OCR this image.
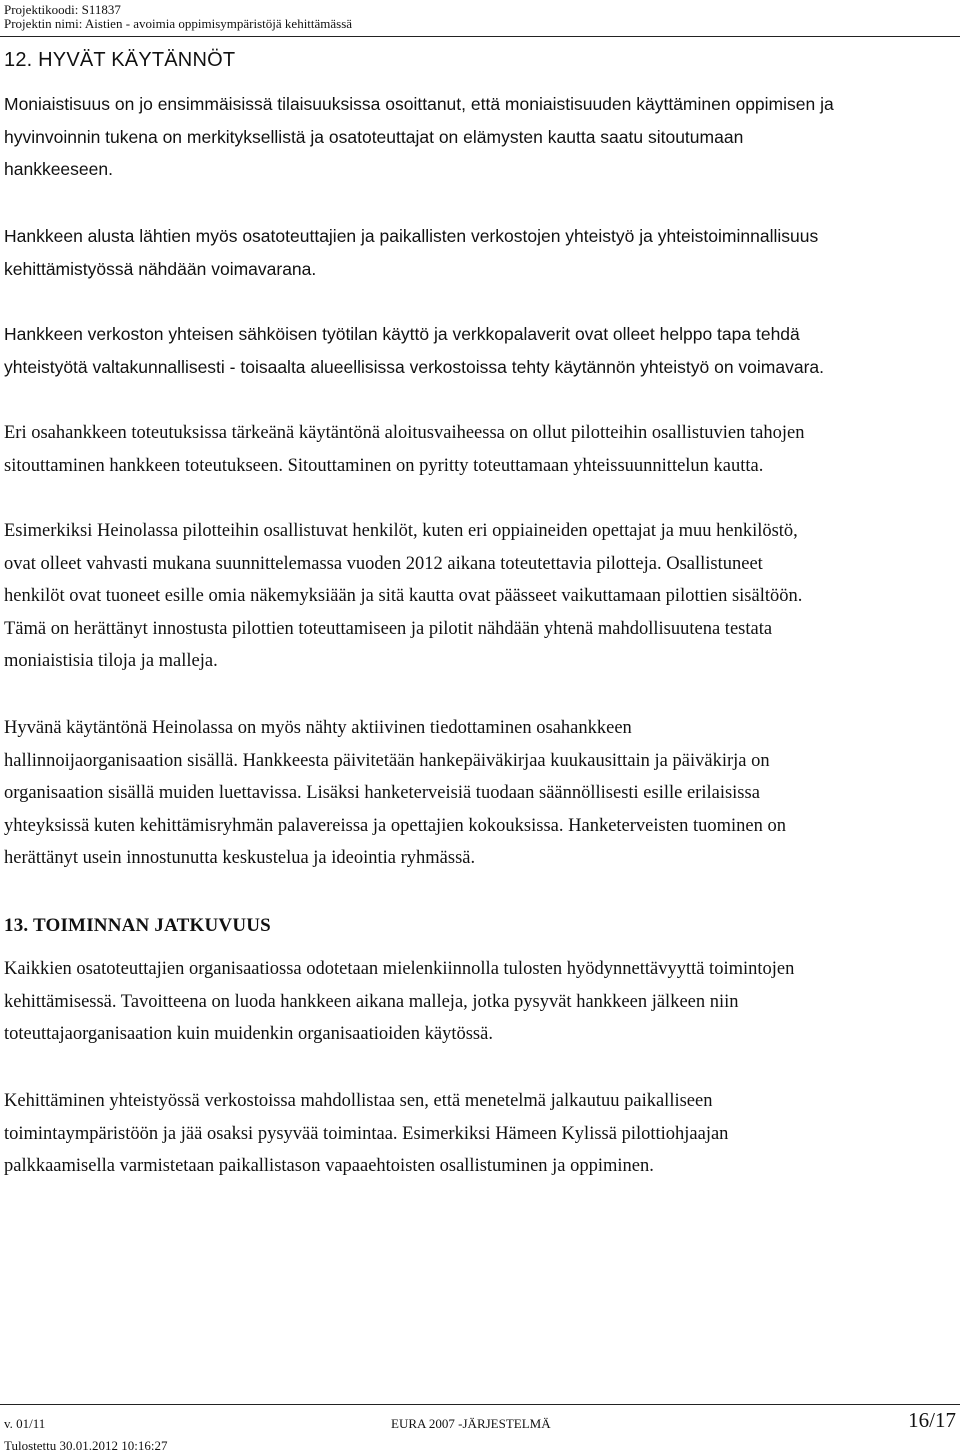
Projektikoodi: S11837
Projektin nimi: Aistien - avoimia oppimisympäristöjä kehittämässä
12. HYVÄT KÄYTÄNNÖT

Moniaistisuus on jo ensimmäisissä tilaisuuksissa osoittanut, että moniaistisuuden käyttäminen oppimisen ja
hyvinvoinnin tukena on merkityksellistä ja osatoteuttajat on elämysten kautta saatu sitoutumaan
hankkeeseen.

Hankkeen alusta lähtien myös osatoteuttajien ja paikallisten verkostojen yhteistyö ja yhteistoiminnallisuus
kehittämistyössä nähdään voimavarana.

Hankkeen verkoston yhteisen sähköisen työtilan käyttö ja verkkopalaverit ovat olleet helppo tapa tehdä
yhteistyötä valtakunnallisesti - toisaalta alueellisissa verkostoissa tehty käytännön yhteistyö on voimavara.

Eri osahankkeen toteutuksissa tärkeänä käytäntönä aloitusvaiheessa on ollut pilotteihin osallistuvien tahojen
sitouttaminen hankkeen toteutukseen. Sitouttaminen on pyritty toteuttamaan yhteissuunnittelun kautta.

Esimerkiksi Heinolassa pilotteihin osallistuvat henkilöt, kuten eri oppiaineiden opettajat ja muu henkilöstö,
ovat olleet vahvasti mukana suunnittelemassa vuoden 2012 aikana toteutettavia pilotteja. Osallistuneet
henkilöt ovat tuoneet esille omia näkemyksiään ja sitä kautta ovat päässeet vaikuttamaan pilottien sisältöön.
Tämä on herättänyt innostusta pilottien toteuttamiseen ja pilotit nähdään yhtenä mahdollisuutena testata
moniaistisia tiloja ja malleja.

Hyvänä käytäntönä Heinolassa on myös nähty aktiivinen tiedottaminen osahankkeen
hallinnoijaorganisaation sisällä. Hankkeesta päivitetään hankepäiväkirjaa kuukausittain ja päiväkirja on
organisaation sisällä muiden luettavissa. Lisäksi hanketerveisiä tuodaan säännöllisesti esille erilaisissa
yhteyksissä kuten kehittämisryhmän palavereissa ja opettajien kokouksissa. Hanketerveisten tuominen on
herättänyt usein innostunutta keskustelua ja ideointia ryhmässä.

13. TOIMINNAN JATKUVUUS

Kaikkien osatoteuttajien organisaatiossa odotetaan mielenkiinnolla tulosten hyödynnettävyyttä toimintojen
kehittämisessä. Tavoitteena on luoda hankkeen aikana malleja, jotka pysyvät hankkeen jälkeen niin
toteuttajaorganisaation kuin muidenkin organisaatioiden käytössä.

Kehittäminen yhteistyössä verkostoissa mahdollistaa sen, että menetelmä jalkautuu paikalliseen
toimintaympäristöön ja jää osaksi pysyvää toimintaa. Esimerkiksi Hämeen Kylissä pilottiohjaajan
palkkaamisella varmistetaan paikallistason vapaaehtoisten osallistuminen ja oppiminen.

v. 01/11	EURA 2007 -JÄRJESTELMÄ	16/17
Tulostettu 30.01.2012 10:16:27
